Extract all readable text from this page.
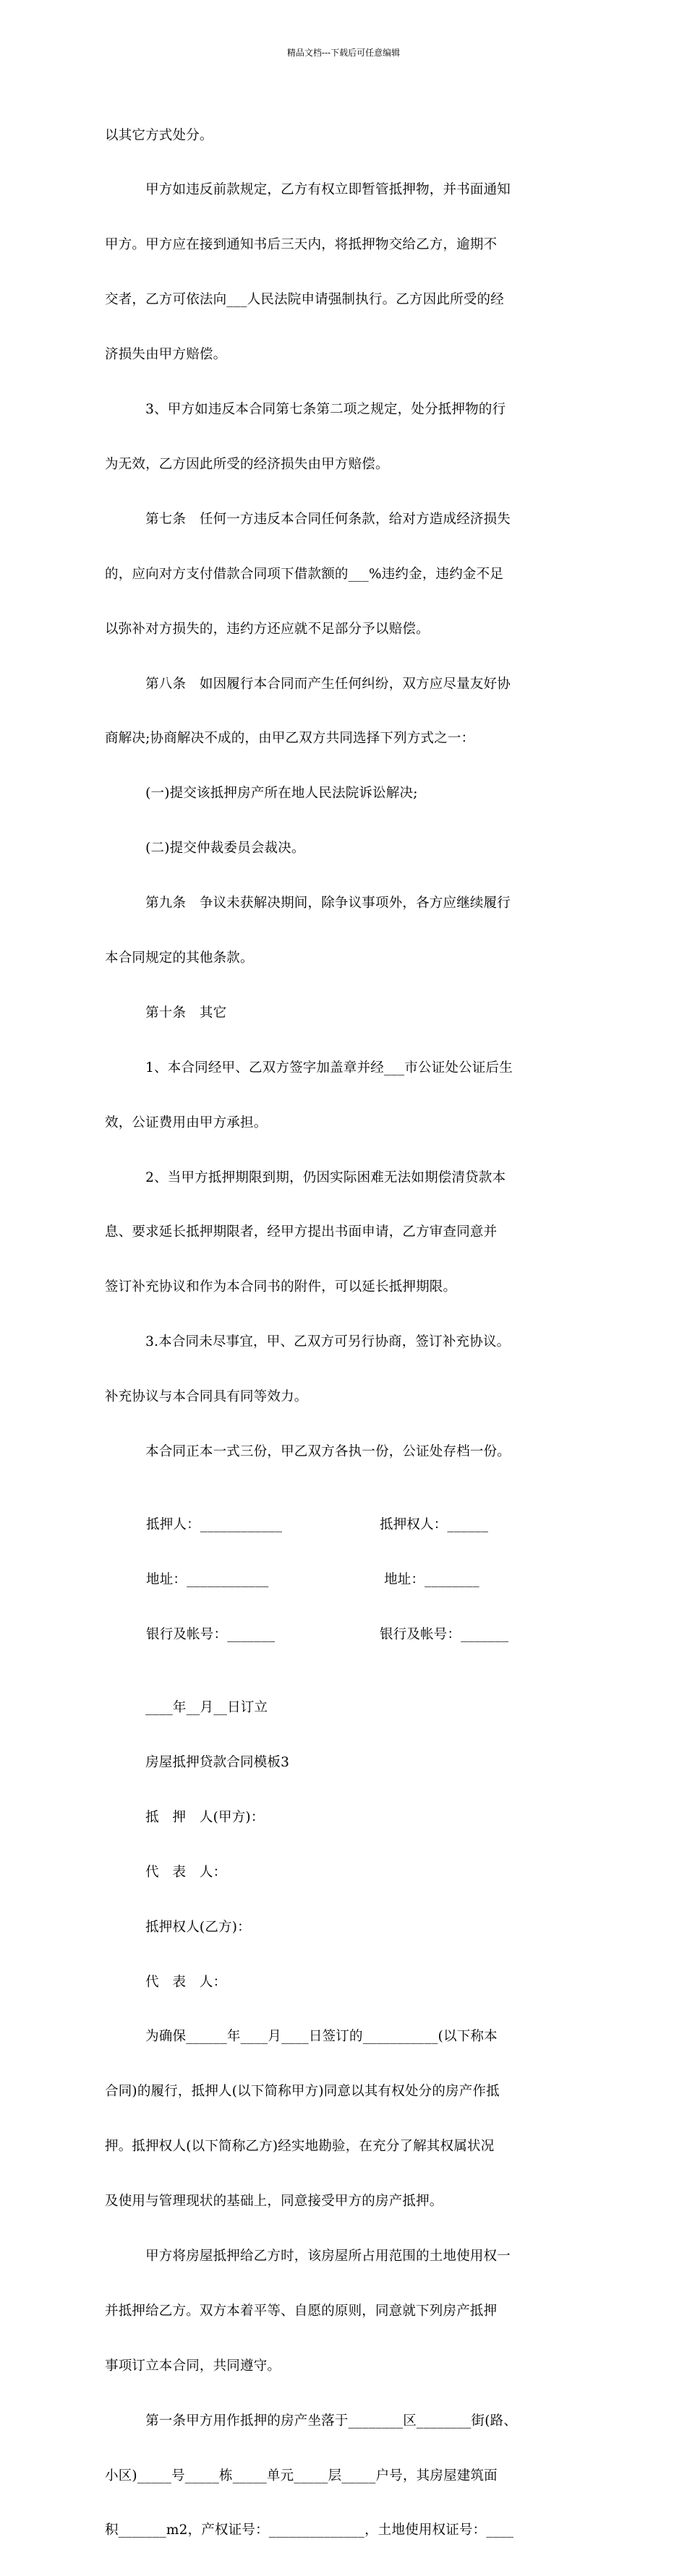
精品文档---下载后可任意编辑

以其它方式处分。

　　　甲方如违反前款规定，乙方有权立即暂管抵押物，并书面通知

甲方。甲方应在接到通知书后三天内，将抵押物交给乙方，逾期不

交者，乙方可依法向___人民法院申请强制执行。乙方因此所受的经

济损失由甲方赔偿。

　　　3、甲方如违反本合同第七条第二项之规定，处分抵押物的行

为无效，乙方因此所受的经济损失由甲方赔偿。

　　　第七条　任何一方违反本合同任何条款，给对方造成经济损失

的，应向对方支付借款合同项下借款额的___%违约金，违约金不足

以弥补对方损失的，违约方还应就不足部分予以赔偿。

　　　第八条　如因履行本合同而产生任何纠纷，双方应尽量友好协

商解决;协商解决不成的，由甲乙双方共同选择下列方式之一：

　　　(一)提交该抵押房产所在地人民法院诉讼解决;

　　　(二)提交仲裁委员会裁决。

　　　第九条　争议未获解决期间，除争议事项外，各方应继续履行

本合同规定的其他条款。

　　　第十条　其它

　　　1、本合同经甲、乙双方签字加盖章并经___市公证处公证后生

效，公证费用由甲方承担。

　　　2、当甲方抵押期限到期，仍因实际困难无法如期偿清贷款本

息、要求延长抵押期限者，经甲方提出书面申请，乙方审查同意并

签订补充协议和作为本合同书的附件，可以延长抵押期限。

　　　3.本合同未尽事宜，甲、乙双方可另行协商，签订补充协议。

补充协议与本合同具有同等效力。

　　　本合同正本一式三份，甲乙双方各执一份，公证处存档一份。

抵押人：____________

	抵押权人：______

地址：____________

	地址：________

银行及帐号：_______

	银行及帐号：_______

　　　____年__月__日订立

　　　房屋抵押贷款合同模板3

　　　抵　押　人(甲方)：

　　　代　表　人：

　　　抵押权人(乙方)：

　　　代　表　人：

　　　为确保______年____月____日签订的___________(以下称本

合同)的履行，抵押人(以下简称甲方)同意以其有权处分的房产作抵

押。抵押权人(以下简称乙方)经实地勘验，在充分了解其权属状况

及使用与管理现状的基础上，同意接受甲方的房产抵押。

　　　甲方将房屋抵押给乙方时，该房屋所占用范围的土地使用权一

并抵押给乙方。双方本着平等、自愿的原则，同意就下列房产抵押

事项订立本合同，共同遵守。

　　　第一条甲方用作抵押的房产坐落于________区________街(路、

小区)_____号_____栋_____单元_____层_____户号，其房屋建筑面

积_______m2，产权证号：______________，土地使用权证号：____
